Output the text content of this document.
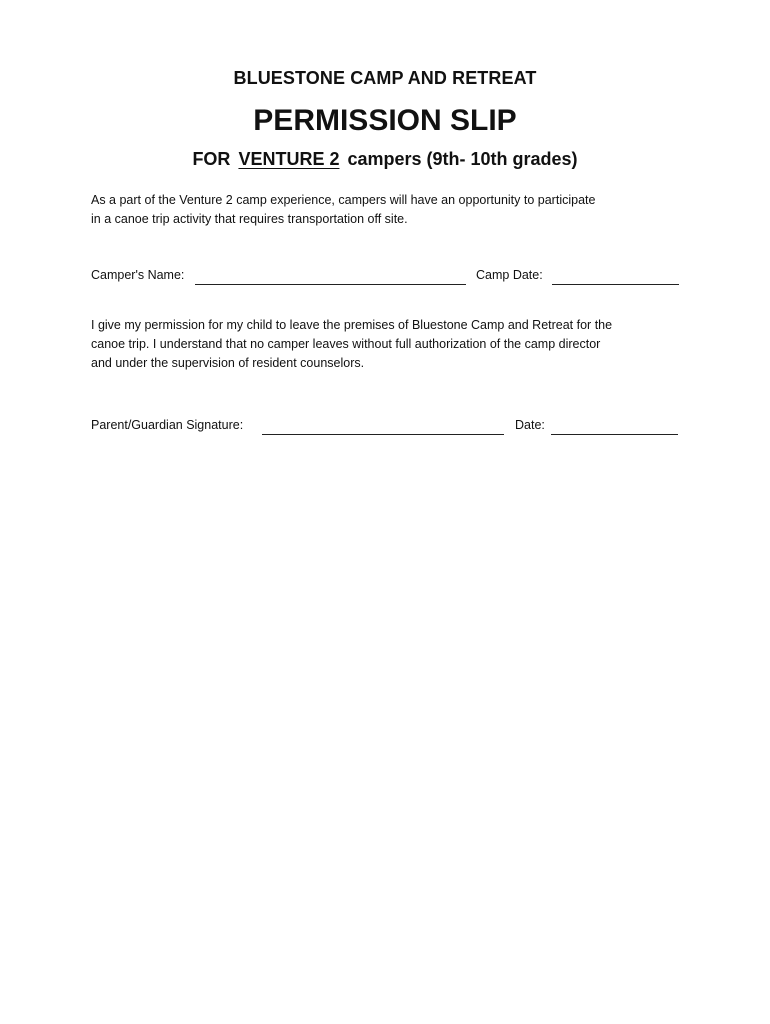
BLUESTONE CAMP AND RETREAT
PERMISSION SLIP
FOR VENTURE 2 campers (9th- 10th grades)
As a part of the Venture 2 camp experience, campers will have an opportunity to participate
in a canoe trip activity that requires transportation off site.
Camper's Name:	Camp Date:
I give my permission for my child to leave the premises of Bluestone Camp and Retreat for the
canoe trip. I understand that no camper leaves without full authorization of the camp director
and under the supervision of resident counselors.
Parent/Guardian Signature:	Date:
